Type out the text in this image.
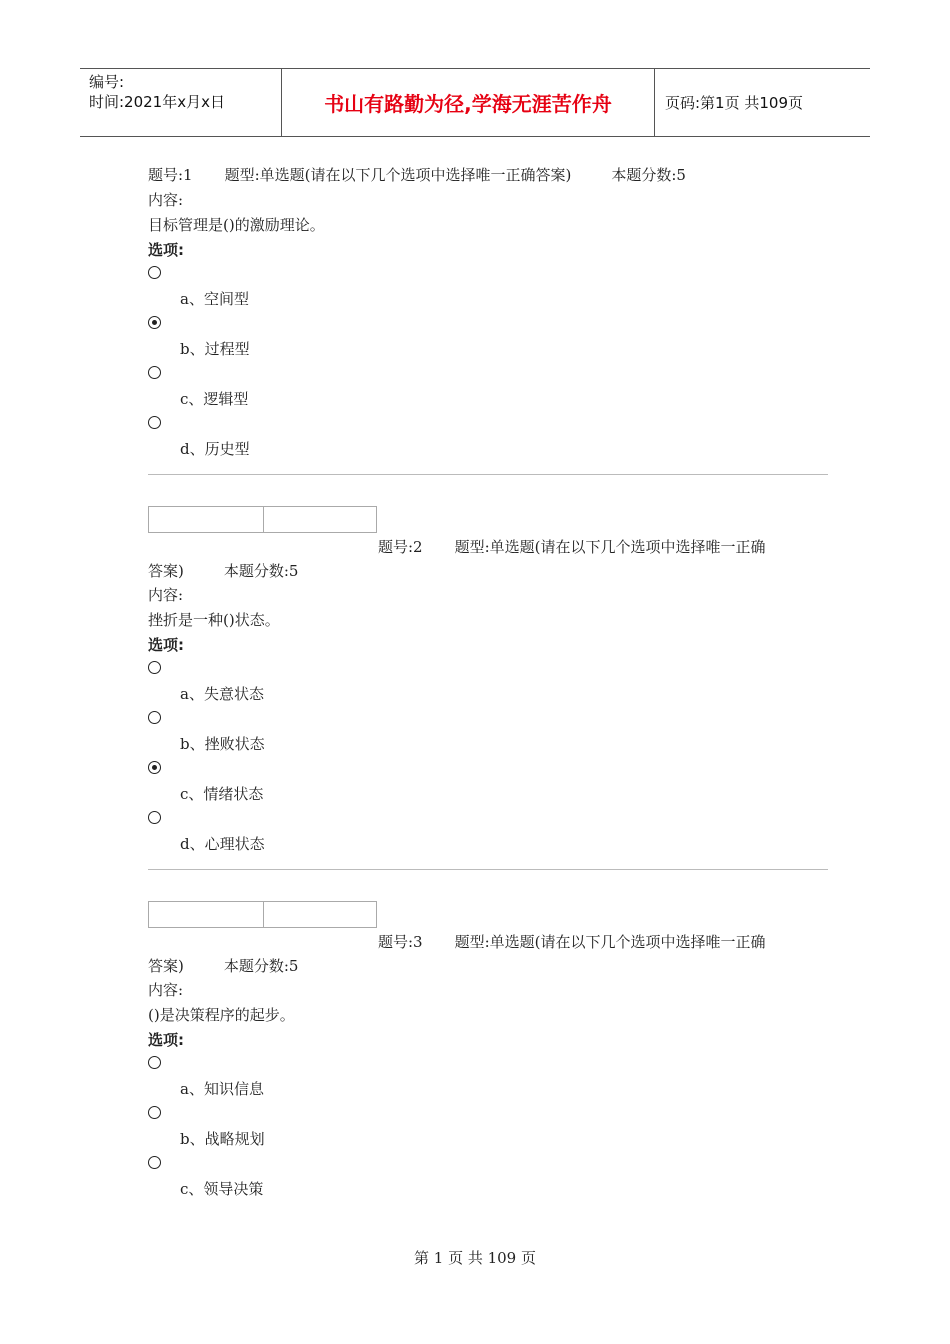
编号:
时间:2021年x月x日	书山有路勤为径,学海无涯苦作舟	页码:第1页 共109页
题号:1 题型:单选题(请在以下几个选项中选择唯一正确答案)	本题分数:5
内容:
目标管理是()的激励理论。
选项:
a、空间型
b、过程型
c、逻辑型
d、历史型
题号:2 题型:单选题(请在以下几个选项中选择唯一正确
答案)	本题分数:5
内容:
挫折是一种()状态。
选项:
a、失意状态
b、挫败状态
c、情绪状态
d、心理状态
题号:3 题型:单选题(请在以下几个选项中选择唯一正确
答案)	本题分数:5
内容:
()是决策程序的起步。
选项:
a、知识信息
b、战略规划
c、领导决策
第 1 页 共 109 页
